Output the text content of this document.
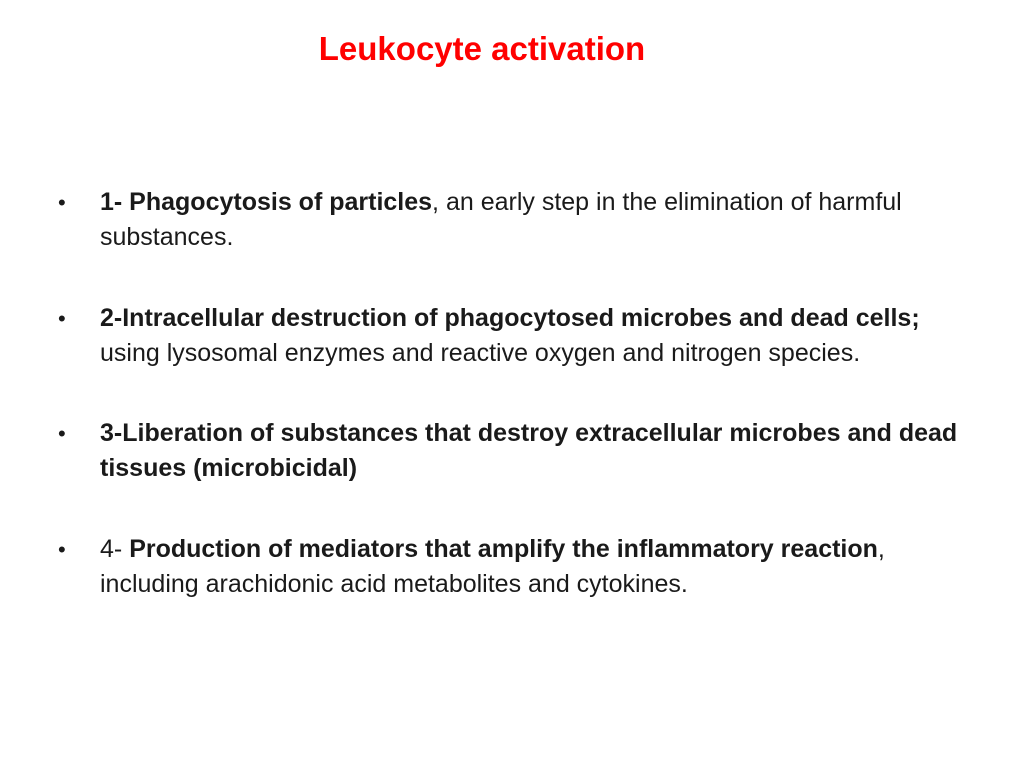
Leukocyte activation
• 1- Phagocytosis of particles, an early step in the elimination of harmful substances.
• 2-Intracellular destruction of phagocytosed microbes and dead cells; using lysosomal enzymes and reactive oxygen and nitrogen species.
• 3-Liberation of substances that destroy extracellular microbes and dead tissues (microbicidal)
• 4- Production of mediators that amplify the inflammatory reaction, including arachidonic acid metabolites and cytokines.
